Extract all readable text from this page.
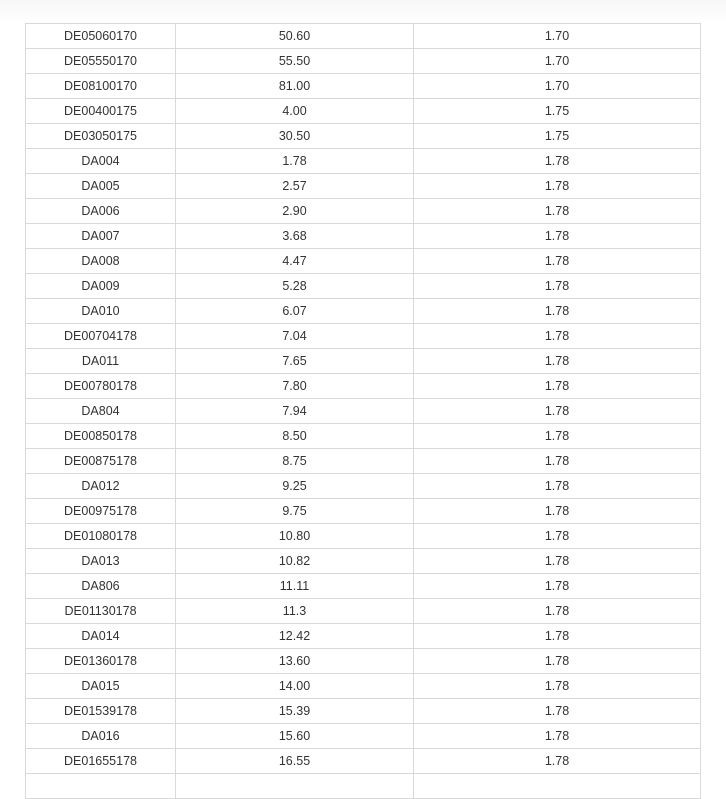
DE05060170	50.60	1.70
DE05550170	55.50	1.70
DE08100170	81.00	1.70
DE00400175	4.00	1.75
DE03050175	30.50	1.75
DA004	1.78	1.78
DA005	2.57	1.78
DA006	2.90	1.78
DA007	3.68	1.78
DA008	4.47	1.78
DA009	5.28	1.78
DA010	6.07	1.78
DE00704178	7.04	1.78
DA011	7.65	1.78
DE00780178	7.80	1.78
DA804	7.94	1.78
DE00850178	8.50	1.78
DE00875178	8.75	1.78
DA012	9.25	1.78
DE00975178	9.75	1.78
DE01080178	10.80	1.78
DA013	10.82	1.78
DA806	11.11	1.78
DE01130178	11.3	1.78
DA014	12.42	1.78
DE01360178	13.60	1.78
DA015	14.00	1.78
DE01539178	15.39	1.78
DA016	15.60	1.78
DE01655178	16.55	1.78
